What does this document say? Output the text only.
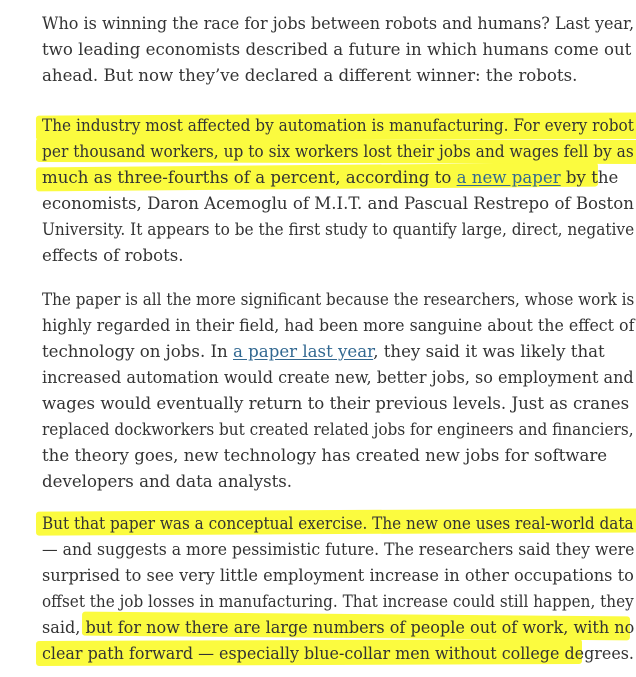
Who is winning the race for jobs between robots and humans? Last year,
two leading economists described a future in which humans come out
ahead. But now they’ve declared a different winner: the robots.
The industry most affected by automation is manufacturing. For every robot
per thousand workers, up to six workers lost their jobs and wages fell by as
much as three-fourths of a percent, according to a new paper by the
economists, Daron Acemoglu of M.I.T. and Pascual Restrepo of Boston
University. It appears to be the first study to quantify large, direct, negative
effects of robots.
The paper is all the more significant because the researchers, whose work is
highly regarded in their field, had been more sanguine about the effect of
technology on jobs. In a paper last year, they said it was likely that
increased automation would create new, better jobs, so employment and
wages would eventually return to their previous levels. Just as cranes
replaced dockworkers but created related jobs for engineers and financiers,
the theory goes, new technology has created new jobs for software
developers and data analysts.
But that paper was a conceptual exercise. The new one uses real-world data
— and suggests a more pessimistic future. The researchers said they were
surprised to see very little employment increase in other occupations to
offset the job losses in manufacturing. That increase could still happen, they
said, but for now there are large numbers of people out of work, with no
clear path forward — especially blue-collar men without college degrees.
